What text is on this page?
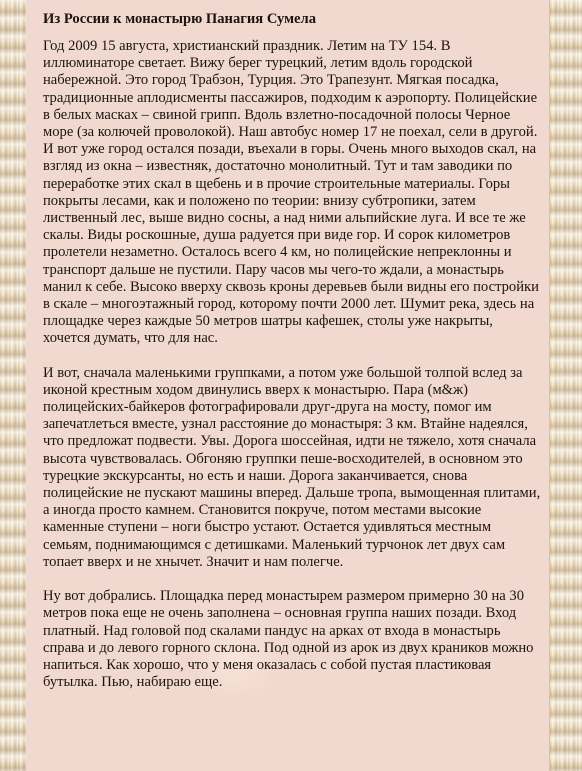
Из России к монастырю Панагия Сумела

Год 2009 15 августа, христианский праздник. Летим на ТУ 154. В иллюминаторе светает. Вижу берег турецкий, летим вдоль городской набережной. Это город Трабзон, Турция. Это Трапезунт. Мягкая посадка, традиционные аплодисменты пассажиров, подходим к аэропорту. Полицейские в белых масках – свиной грипп. Вдоль взлетно-посадочной полосы Черное море (за колючей проволокой). Наш автобус номер 17 не поехал, сели в другой. И вот уже город остался позади, въехали в горы. Очень много выходов скал, на взгляд из окна – известняк, достаточно монолитный. Тут и там заводики по переработке этих скал в щебень и в прочие строительные материалы. Горы покрыты лесами, как и положено по теории: внизу субтропики, затем лиственный лес, выше видно сосны, а над ними альпийские луга. И все те же скалы. Виды роскошные, душа радуется при виде гор. И сорок километров пролетели незаметно. Осталось всего 4 км, но полицейские непреклонны и транспорт дальше не пустили. Пару часов мы чего-то ждали, а монастырь манил к себе. Высоко вверху сквозь кроны деревьев были видны его постройки в скале – многоэтажный город, которому почти 2000 лет. Шумит река, здесь на площадке через каждые 50 метров шатры кафешек, столы уже накрыты, хочется думать, что для нас.

И вот, сначала маленькими группками, а потом уже большой толпой вслед за иконой крестным ходом двинулись вверх к монастырю. Пара (м&ж) полицейских-байкеров фотографировали друг-друга на мосту, помог им запечатлеться вместе, узнал расстояние до монастыря: 3 км. Втайне надеялся, что предложат подвести. Увы. Дорога шоссейная, идти не тяжело, хотя сначала высота чувствовалась. Обгоняю группки пеше-восходителей, в основном это турецкие экскурсанты, но есть и наши. Дорога заканчивается, снова полицейские не пускают машины вперед. Дальше тропа, вымощенная плитами, а иногда просто камнем. Становится покруче, потом местами высокие каменные ступени – ноги быстро устают. Остается удивляться местным семьям, поднимающимся с детишками. Маленький турчонок лет двух сам топает вверх и не хнычет. Значит и нам полегче.

Ну вот добрались. Площадка перед монастырем размером примерно 30 на 30 метров пока еще не очень заполнена – основная группа наших позади. Вход платный. Над головой под скалами пандус на арках от входа в монастырь справа и до левого горного склона. Под одной из арок из двух краников можно напиться. Как хорошо, что у меня оказалась с собой пустая пластиковая бутылка. Пью, набираю еще.
